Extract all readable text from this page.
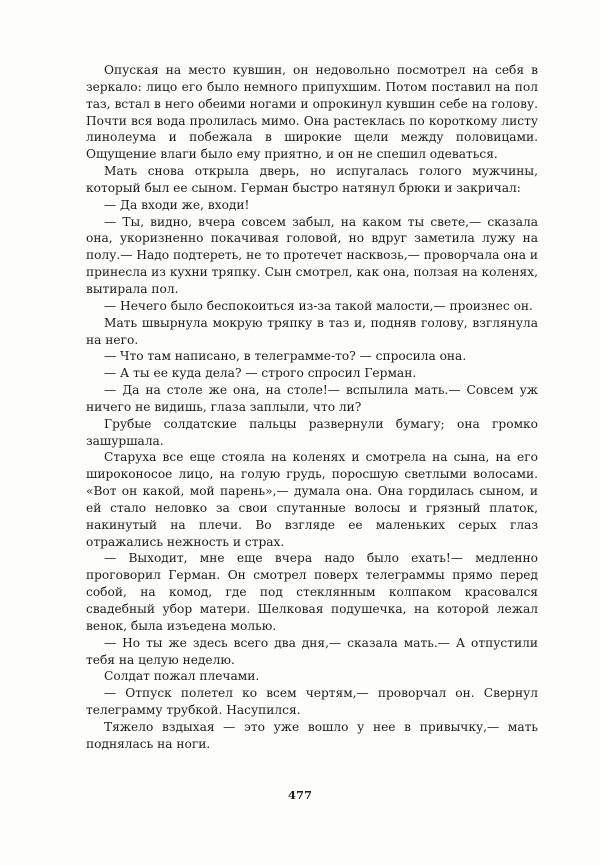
Опуская на место кувшин, он недовольно посмотрел на себя в зеркало: лицо его было немного припухшим. Потом поставил на пол таз, встал в него обеими ногами и опрокинул кувшин себе на голову. Почти вся вода пролилась мимо. Она растеклась по короткому листу линолеума и побежала в широкие щели между половицами. Ощущение влаги было ему приятно, и он не спешил одеваться.

Мать снова открыла дверь, но испугалась голого мужчины, который был ее сыном. Герман быстро натянул брюки и закричал:

— Да входи же, входи!

— Ты, видно, вчера совсем забыл, на каком ты свете,— сказала она, укоризненно покачивая головой, но вдруг заметила лужу на полу.— Надо подтереть, не то протечет насквозь,— проворчала она и принесла из кухни тряпку. Сын смотрел, как она, ползая на коленях, вытирала пол.

— Нечего было беспокоиться из-за такой малости,— произнес он.

Мать швырнула мокрую тряпку в таз и, подняв голову, взглянула на него.

— Что там написано, в телеграмме-то? — спросила она.

— А ты ее куда дела? — строго спросил Герман.

— Да на столе же она, на столе!— вспылила мать.— Совсем уж ничего не видишь, глаза заплыли, что ли?

Грубые солдатские пальцы развернули бумагу; она громко зашуршала.

Старуха все еще стояла на коленях и смотрела на сына, на его широконосое лицо, на голую грудь, поросшую светлыми волосами. «Вот он какой, мой парень»,— думала она. Она гордилась сыном, и ей стало неловко за свои спутанные волосы и грязный платок, накинутый на плечи. Во взгляде ее маленьких серых глаз отражались нежность и страх.

— Выходит, мне еще вчера надо было ехать!— медленно проговорил Герман. Он смотрел поверх телеграммы прямо перед собой, на комод, где под стеклянным колпаком красовался свадебный убор матери. Шелковая подушечка, на которой лежал венок, была изъедена молью.

— Но ты же здесь всего два дня,— сказала мать.— А отпустили тебя на целую неделю.

Солдат пожал плечами.

— Отпуск полетел ко всем чертям,— проворчал он. Свернул телеграмму трубкой. Насупился.

Тяжело вздыхая — это уже вошло у нее в привычку,— мать поднялась на ноги.

477
